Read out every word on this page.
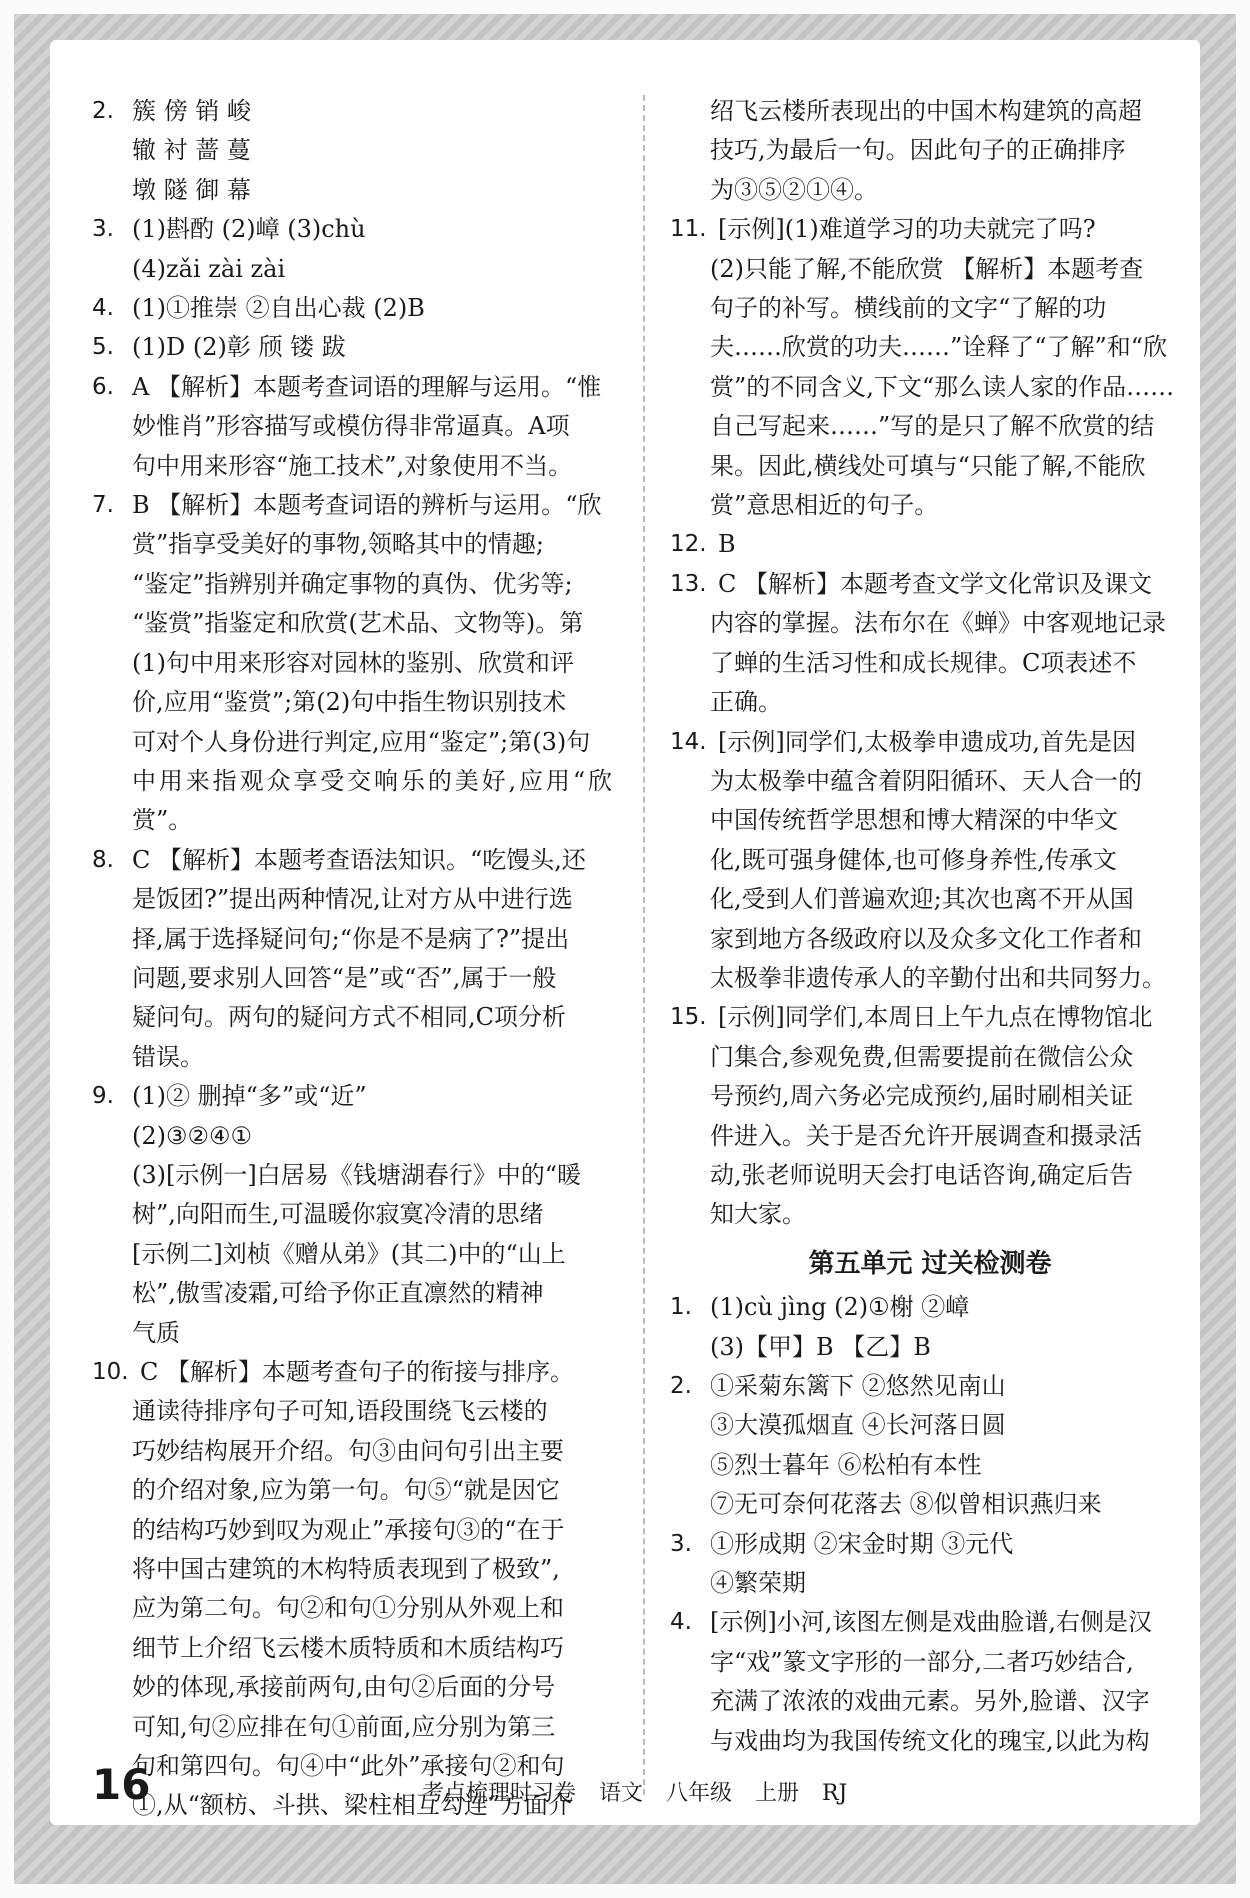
2. 簇 傍 销 峻
辙 衬 蔷 蔓
墩 隧 御 幕
3. (1)斟酌 (2)嶂 (3)chù
(4)zǎi zài zài
4. (1)①推崇 ②自出心裁 (2)B
5. (1)D (2)彰 颀 镂 跋
6. A 【解析】本题考查词语的理解与运用。“惟
妙惟肖”形容描写或模仿得非常逼真。A项
句中用来形容“施工技术”,对象使用不当。
7. B 【解析】本题考查词语的辨析与运用。“欣
赏”指享受美好的事物,领略其中的情趣;
“鉴定”指辨别并确定事物的真伪、优劣等;
“鉴赏”指鉴定和欣赏(艺术品、文物等)。第
(1)句中用来形容对园林的鉴别、欣赏和评
价,应用“鉴赏”;第(2)句中指生物识别技术
可对个人身份进行判定,应用“鉴定”;第(3)句
中用来指观众享受交响乐的美好,应用“欣赏”。
8. C 【解析】本题考查语法知识。“吃馒头,还
是饭团?”提出两种情况,让对方从中进行选
择,属于选择疑问句;“你是不是病了?”提出
问题,要求别人回答“是”或“否”,属于一般
疑问句。两句的疑问方式不相同,C项分析
错误。
9. (1)② 删掉“多”或“近”
(2)③②④①
(3)[示例一]白居易《钱塘湖春行》中的“暖
树”,向阳而生,可温暖你寂寞冷清的思绪
[示例二]刘桢《赠从弟》(其二)中的“山上
松”,傲雪凌霜,可给予你正直凛然的精神
气质
10. C 【解析】本题考查句子的衔接与排序。
通读待排序句子可知,语段围绕飞云楼的
巧妙结构展开介绍。句③由问句引出主要
的介绍对象,应为第一句。句⑤“就是因它
的结构巧妙到叹为观止”承接句③的“在于
将中国古建筑的木构特质表现到了极致”,
应为第二句。句②和句①分别从外观上和
细节上介绍飞云楼木质特质和木质结构巧
妙的体现,承接前两句,由句②后面的分号
可知,句②应排在句①前面,应分别为第三
句和第四句。句④中“此外”承接句②和句
①,从“额枋、斗拱、梁柱相互勾连”方面介
绍飞云楼所表现出的中国木构建筑的高超
技巧,为最后一句。因此句子的正确排序
为③⑤②①④。
11. [示例](1)难道学习的功夫就完了吗?
(2)只能了解,不能欣赏 【解析】本题考查
句子的补写。横线前的文字“了解的功
夫……欣赏的功夫……”诠释了“了解”和“欣
赏”的不同含义,下文“那么读人家的作品……
自己写起来……”写的是只了解不欣赏的结
果。因此,横线处可填与“只能了解,不能欣
赏”意思相近的句子。
12. B
13. C 【解析】本题考查文学文化常识及课文
内容的掌握。法布尔在《蝉》中客观地记录
了蝉的生活习性和成长规律。C项表述不
正确。
14. [示例]同学们,太极拳申遗成功,首先是因
为太极拳中蕴含着阴阳循环、天人合一的
中国传统哲学思想和博大精深的中华文
化,既可强身健体,也可修身养性,传承文
化,受到人们普遍欢迎;其次也离不开从国
家到地方各级政府以及众多文化工作者和
太极拳非遗传承人的辛勤付出和共同努力。
15. [示例]同学们,本周日上午九点在博物馆北
门集合,参观免费,但需要提前在微信公众
号预约,周六务必完成预约,届时刷相关证
件进入。关于是否允许开展调查和摄录活
动,张老师说明天会打电话咨询,确定后告
知大家。
第五单元 过关检测卷
1. (1)cù jìng (2)①榭 ②嶂
(3)【甲】B 【乙】B
2. ①采菊东篱下 ②悠然见南山
③大漠孤烟直 ④长河落日圆
⑤烈士暮年 ⑥松柏有本性
⑦无可奈何花落去 ⑧似曾相识燕归来
3. ①形成期 ②宋金时期 ③元代
④繁荣期
4. [示例]小河,该图左侧是戏曲脸谱,右侧是汉
字“戏”篆文字形的一部分,二者巧妙结合,
充满了浓浓的戏曲元素。另外,脸谱、汉字
与戏曲均为我国传统文化的瑰宝,以此为构
16	考点梳理时习卷 语文 八年级 上册 RJ
